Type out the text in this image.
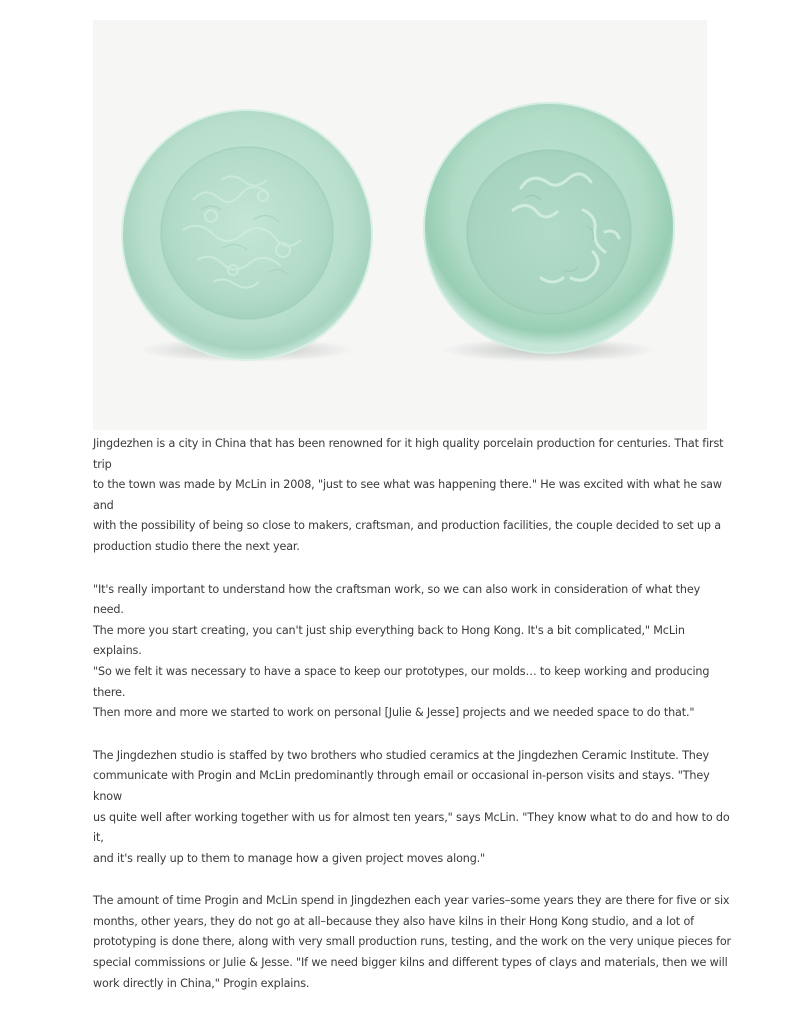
Jingdezhen is a city in China that has been renowned for it high quality porcelain production for centuries. That first trip
to the town was made by McLin in 2008, "just to see what was happening there." He was excited with what he saw and
with the possibility of being so close to makers, craftsman, and production facilities, the couple decided to set up a
production studio there the next year.

"It's really important to understand how the craftsman work, so we can also work in consideration of what they need.
The more you start creating, you can't just ship everything back to Hong Kong. It's a bit complicated," McLin explains.
"So we felt it was necessary to have a space to keep our prototypes, our molds… to keep working and producing there.
Then more and more we started to work on personal [Julie & Jesse] projects and we needed space to do that."

The Jingdezhen studio is staffed by two brothers who studied ceramics at the Jingdezhen Ceramic Institute. They
communicate with Progin and McLin predominantly through email or occasional in-person visits and stays. "They know
us quite well after working together with us for almost ten years," says McLin. "They know what to do and how to do it,
and it's really up to them to manage how a given project moves along."

The amount of time Progin and McLin spend in Jingdezhen each year varies–some years they are there for five or six
months, other years, they do not go at all–because they also have kilns in their Hong Kong studio, and a lot of
prototyping is done there, along with very small production runs, testing, and the work on the very unique pieces for
special commissions or Julie & Jesse. "If we need bigger kilns and different types of clays and materials, then we will
work directly in China," Progin explains.
